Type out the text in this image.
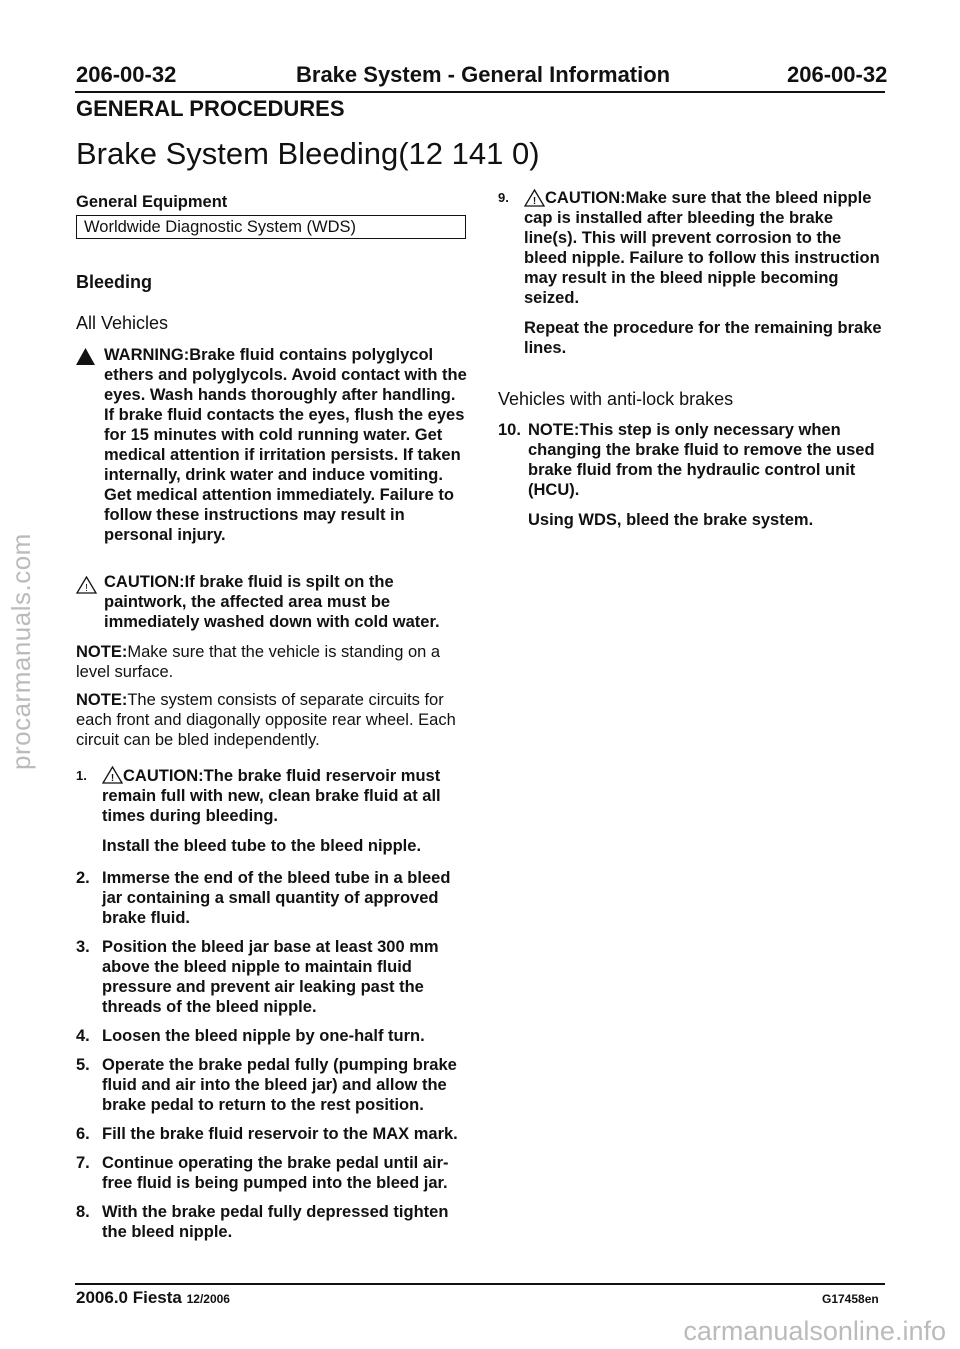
206-00-32	Brake System - General Information	206-00-32
GENERAL PROCEDURES
Brake System Bleeding(12 141 0)
General Equipment
Worldwide Diagnostic System (WDS)
Bleeding
All Vehicles
WARNING:Brake fluid contains polyglycol ethers and polyglycols. Avoid contact with the eyes. Wash hands thoroughly after handling. If brake fluid contacts the eyes, flush the eyes for 15 minutes with cold running water. Get medical attention if irritation persists. If taken internally, drink water and induce vomiting. Get medical attention immediately. Failure to follow these instructions may result in personal injury.
! CAUTION:If brake fluid is spilt on the paintwork, the affected area must be immediately washed down with cold water.
NOTE:Make sure that the vehicle is standing on a level surface.
NOTE:The system consists of separate circuits for each front and diagonally opposite rear wheel. Each circuit can be bled independently.
1. ! CAUTION:The brake fluid reservoir must remain full with new, clean brake fluid at all times during bleeding.
Install the bleed tube to the bleed nipple.
2. Immerse the end of the bleed tube in a bleed jar containing a small quantity of approved brake fluid.
3. Position the bleed jar base at least 300 mm above the bleed nipple to maintain fluid pressure and prevent air leaking past the threads of the bleed nipple.
4. Loosen the bleed nipple by one-half turn.
5. Operate the brake pedal fully (pumping brake fluid and air into the bleed jar) and allow the brake pedal to return to the rest position.
6. Fill the brake fluid reservoir to the MAX mark.
7. Continue operating the brake pedal until air-free fluid is being pumped into the bleed jar.
8. With the brake pedal fully depressed tighten the bleed nipple.
9. ! CAUTION:Make sure that the bleed nipple cap is installed after bleeding the brake line(s). This will prevent corrosion to the bleed nipple. Failure to follow this instruction may result in the bleed nipple becoming seized.
Repeat the procedure for the remaining brake lines.
Vehicles with anti-lock brakes
10. NOTE:This step is only necessary when changing the brake fluid to remove the used brake fluid from the hydraulic control unit (HCU).
Using WDS, bleed the brake system.
2006.0 Fiesta 12/2006	G17458en
procarmanuals.com
carmanualsonline.info
